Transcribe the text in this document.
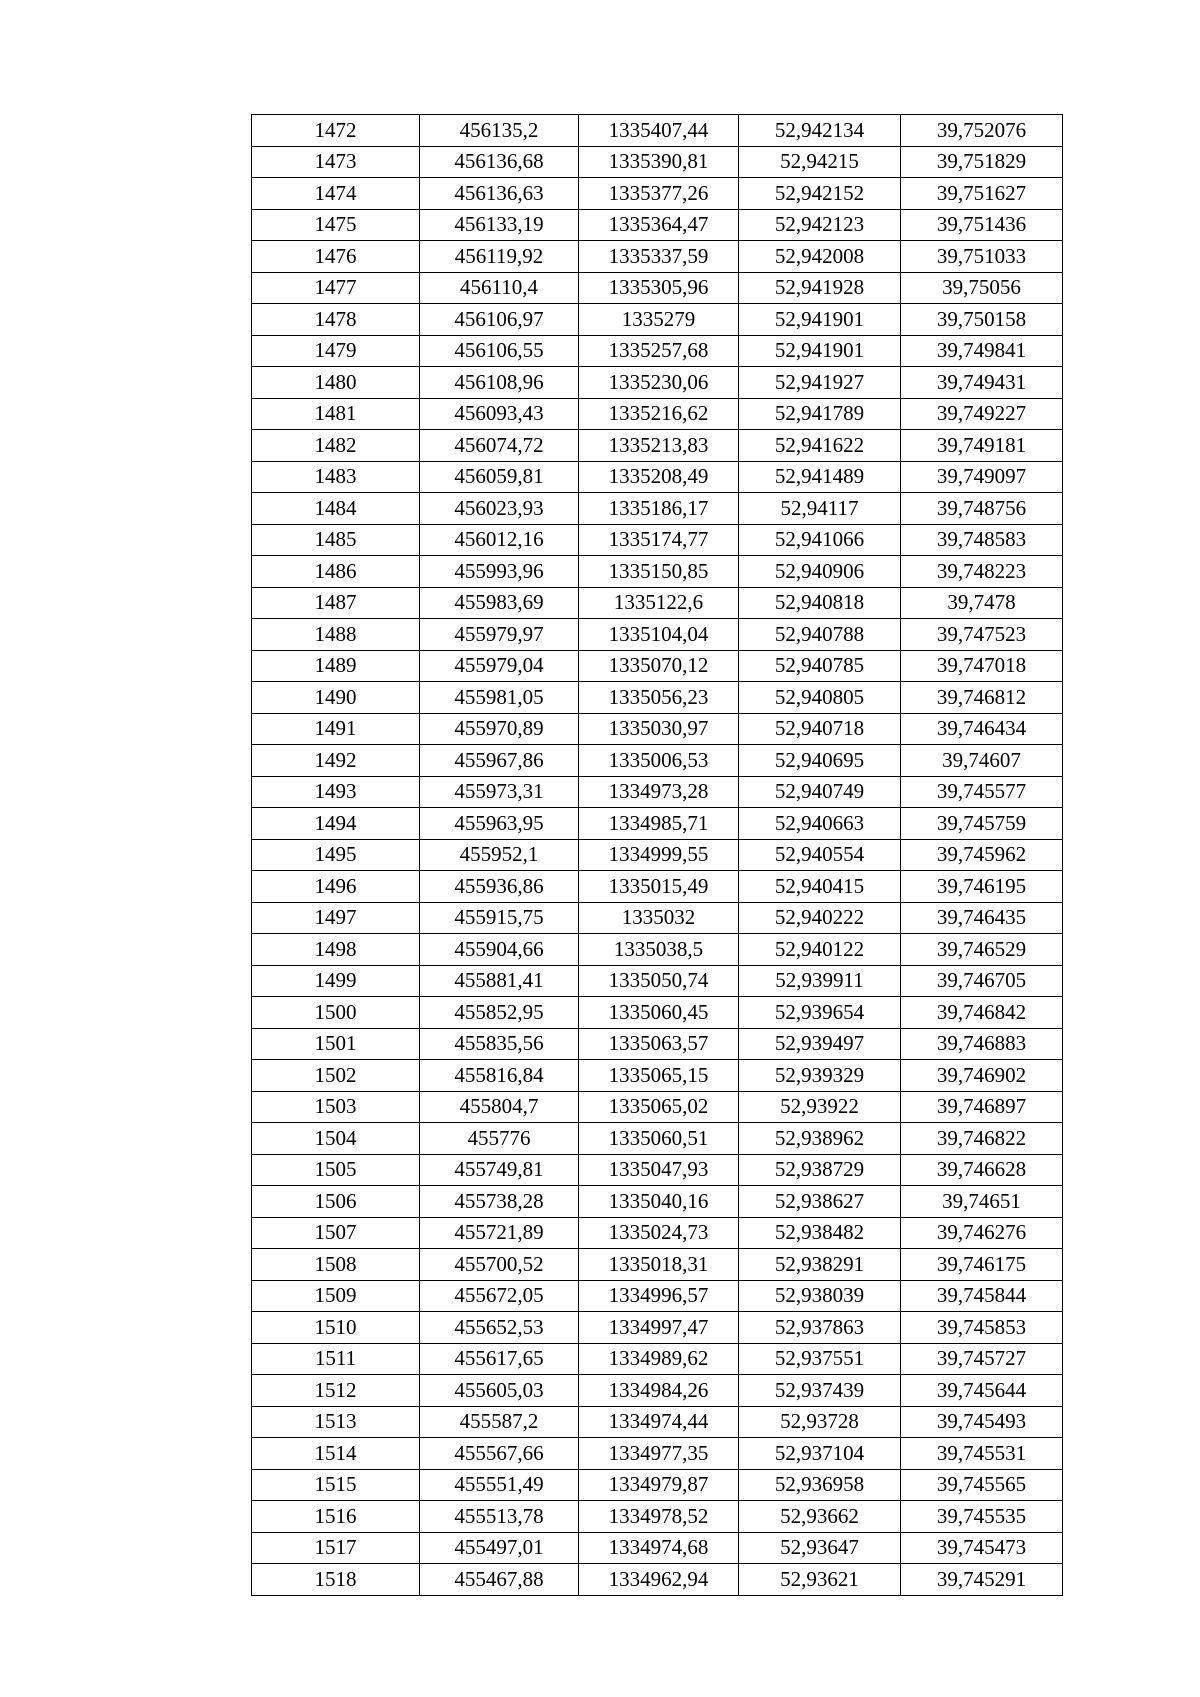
1472	456135,2	1335407,44	52,942134	39,752076
1473	456136,68	1335390,81	52,94215	39,751829
1474	456136,63	1335377,26	52,942152	39,751627
1475	456133,19	1335364,47	52,942123	39,751436
1476	456119,92	1335337,59	52,942008	39,751033
1477	456110,4	1335305,96	52,941928	39,75056
1478	456106,97	1335279	52,941901	39,750158
1479	456106,55	1335257,68	52,941901	39,749841
1480	456108,96	1335230,06	52,941927	39,749431
1481	456093,43	1335216,62	52,941789	39,749227
1482	456074,72	1335213,83	52,941622	39,749181
1483	456059,81	1335208,49	52,941489	39,749097
1484	456023,93	1335186,17	52,94117	39,748756
1485	456012,16	1335174,77	52,941066	39,748583
1486	455993,96	1335150,85	52,940906	39,748223
1487	455983,69	1335122,6	52,940818	39,7478
1488	455979,97	1335104,04	52,940788	39,747523
1489	455979,04	1335070,12	52,940785	39,747018
1490	455981,05	1335056,23	52,940805	39,746812
1491	455970,89	1335030,97	52,940718	39,746434
1492	455967,86	1335006,53	52,940695	39,74607
1493	455973,31	1334973,28	52,940749	39,745577
1494	455963,95	1334985,71	52,940663	39,745759
1495	455952,1	1334999,55	52,940554	39,745962
1496	455936,86	1335015,49	52,940415	39,746195
1497	455915,75	1335032	52,940222	39,746435
1498	455904,66	1335038,5	52,940122	39,746529
1499	455881,41	1335050,74	52,939911	39,746705
1500	455852,95	1335060,45	52,939654	39,746842
1501	455835,56	1335063,57	52,939497	39,746883
1502	455816,84	1335065,15	52,939329	39,746902
1503	455804,7	1335065,02	52,93922	39,746897
1504	455776	1335060,51	52,938962	39,746822
1505	455749,81	1335047,93	52,938729	39,746628
1506	455738,28	1335040,16	52,938627	39,74651
1507	455721,89	1335024,73	52,938482	39,746276
1508	455700,52	1335018,31	52,938291	39,746175
1509	455672,05	1334996,57	52,938039	39,745844
1510	455652,53	1334997,47	52,937863	39,745853
1511	455617,65	1334989,62	52,937551	39,745727
1512	455605,03	1334984,26	52,937439	39,745644
1513	455587,2	1334974,44	52,93728	39,745493
1514	455567,66	1334977,35	52,937104	39,745531
1515	455551,49	1334979,87	52,936958	39,745565
1516	455513,78	1334978,52	52,93662	39,745535
1517	455497,01	1334974,68	52,93647	39,745473
1518	455467,88	1334962,94	52,93621	39,745291
